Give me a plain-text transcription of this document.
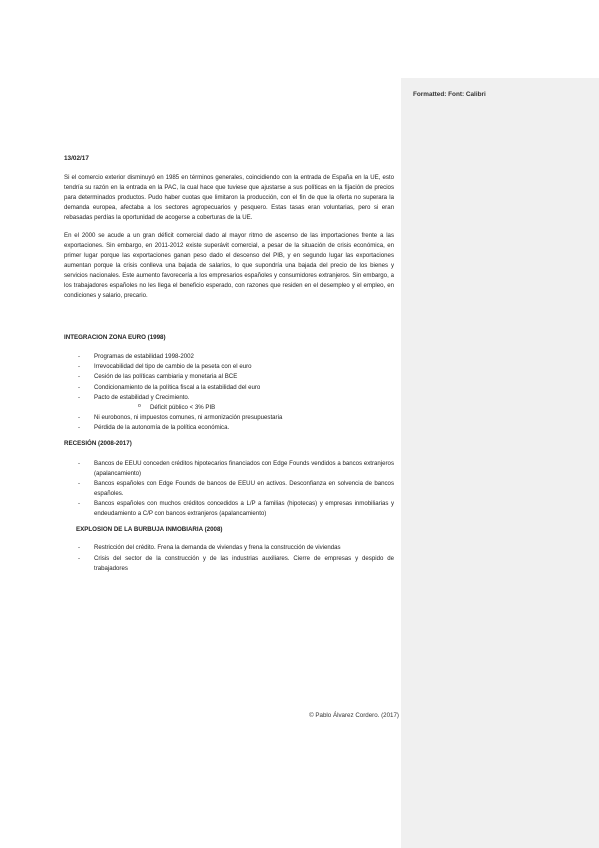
Formatted: Font: Calibri
13/02/17

Si el comercio exterior disminuyó en 1985 en términos generales, coincidiendo con la entrada de España en la UE, esto tendría su razón en la entrada en la PAC, la cual hace que tuviese que ajustarse a sus políticas en la fijación de precios para determinados productos. Pudo haber cuotas que limitaron la producción, con el fin de que la oferta no superara la demanda europea, afectaba a los sectores agropecuarios y pesquero. Estas tasas eran voluntarias, pero si eran rebasadas perdías la oportunidad de acogerse a coberturas de la UE.

En el 2000 se acude a un gran déficit comercial dado al mayor ritmo de ascenso de las importaciones frente a las exportaciones. Sin embargo, en 2011-2012 existe superávit comercial, a pesar de la situación de crisis económica, en primer lugar porque las exportaciones ganan peso dado el descenso del PIB, y en segundo lugar las exportaciones aumentan porque la crisis conlleva una bajada de salarios, lo que supondría una bajada del precio de los bienes y servicios nacionales. Este aumento favorecería a los empresarios españoles y consumidores extranjeros. Sin embargo, a los trabajadores españoles no les llega el beneficio esperado, con razones que residen en el desempleo y el empleo, en condiciones y salario, precario.

INTEGRACION ZONA EURO (1998)
- Programas de estabilidad 1998-2002
- Irrevocabilidad del tipo de cambio de la peseta con el euro
- Cesión de las políticas cambiaria y monetaria al BCE
- Condicionamiento de la política fiscal a la estabilidad del euro
- Pacto de estabilidad y Crecimiento.
o Déficit público < 3% PIB
- Ni eurobonos, ni impuestos comunes, ni armonización presupuestaria
- Pérdida de la autonomía de la política económica.
RECESIÓN (2008-2017)
- Bancos de EEUU conceden créditos hipotecarios financiados con Edge Founds vendidos a bancos extranjeros (apalancamiento)
- Bancos españoles con Edge Founds de bancos de EEUU en activos. Desconfianza en solvencia de bancos españoles.
- Bancos españoles con muchos créditos concedidos a L/P a familias (hipotecas) y empresas inmobiliarias y endeudamiento a C/P con bancos extranjeros (apalancamiento)
EXPLOSION DE LA BURBUJA INMOBIARIA (2008)
- Restricción del crédito. Frena la demanda de viviendas y frena la construcción de viviendas
- Crisis del sector de la construcción y de las industrias auxiliares. Cierre de empresas y despido de trabajadores
© Pablo Álvarez Cordero. (2017)
